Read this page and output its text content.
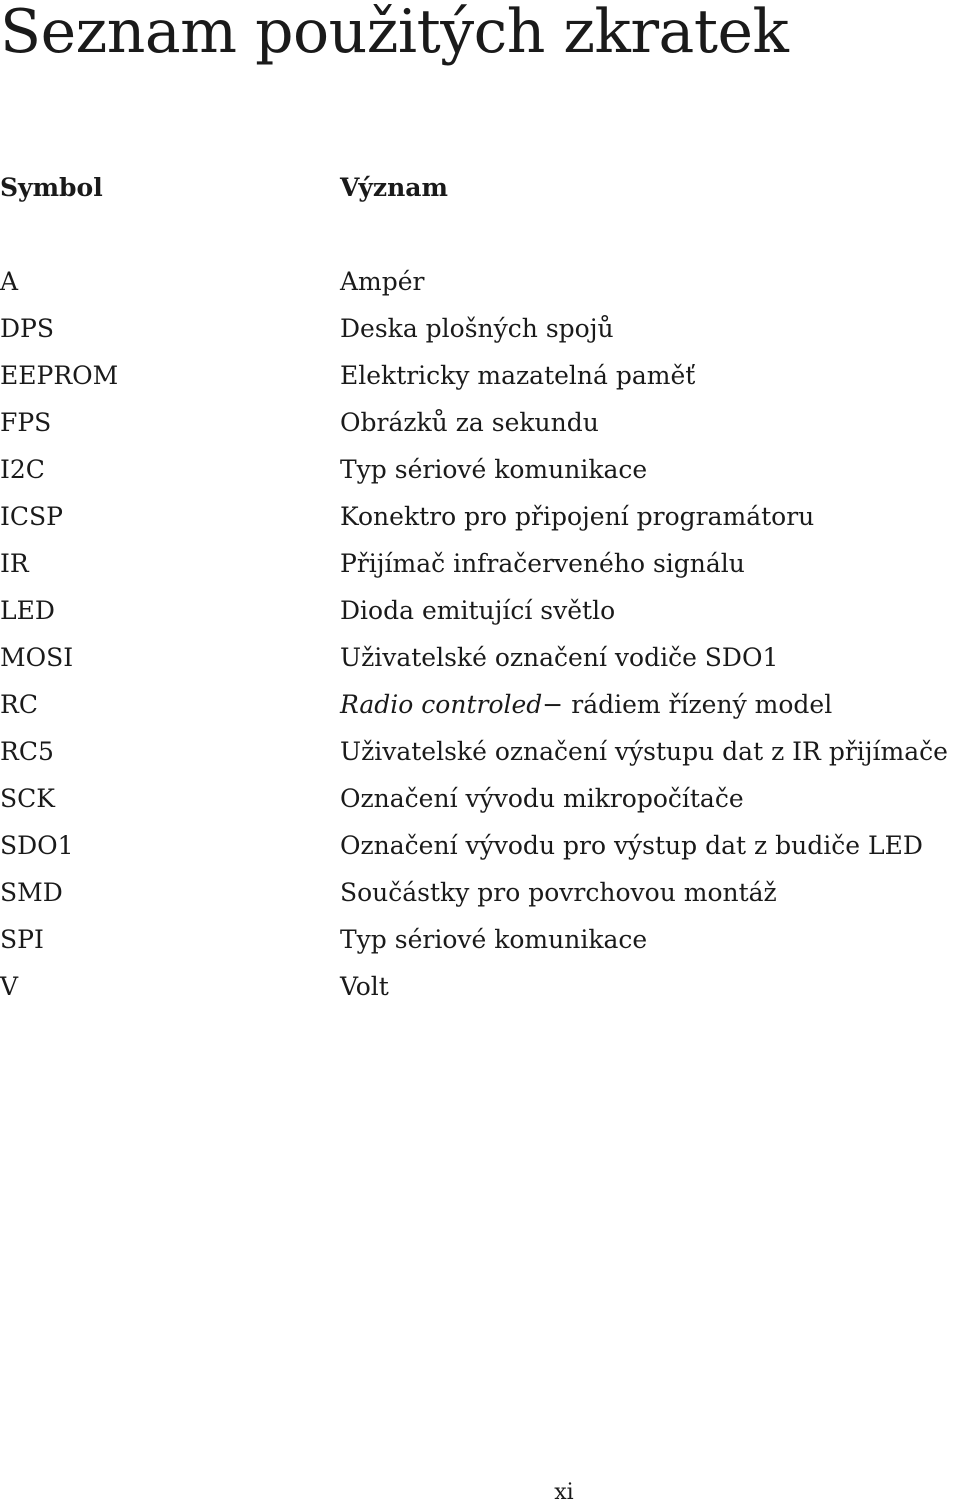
Seznam použitých zkratek
Symbol	Význam
A	Ampér
DPS	Deska plošných spojů
EEPROM	Elektricky mazatelná paměť
FPS	Obrázků za sekundu
I2C	Typ sériové komunikace
ICSP	Konektro pro připojení programátoru
IR	Přijímač infračerveného signálu
LED	Dioda emitující světlo
MOSI	Uživatelské označení vodiče SDO1
RC	Radio controled− rádiem řízený model
RC5	Uživatelské označení výstupu dat z IR přijímače
SCK	Označení vývodu mikropočítače
SDO1	Označení vývodu pro výstup dat z budiče LED
SMD	Součástky pro povrchovou montáž
SPI	Typ sériové komunikace
V	Volt
xi
